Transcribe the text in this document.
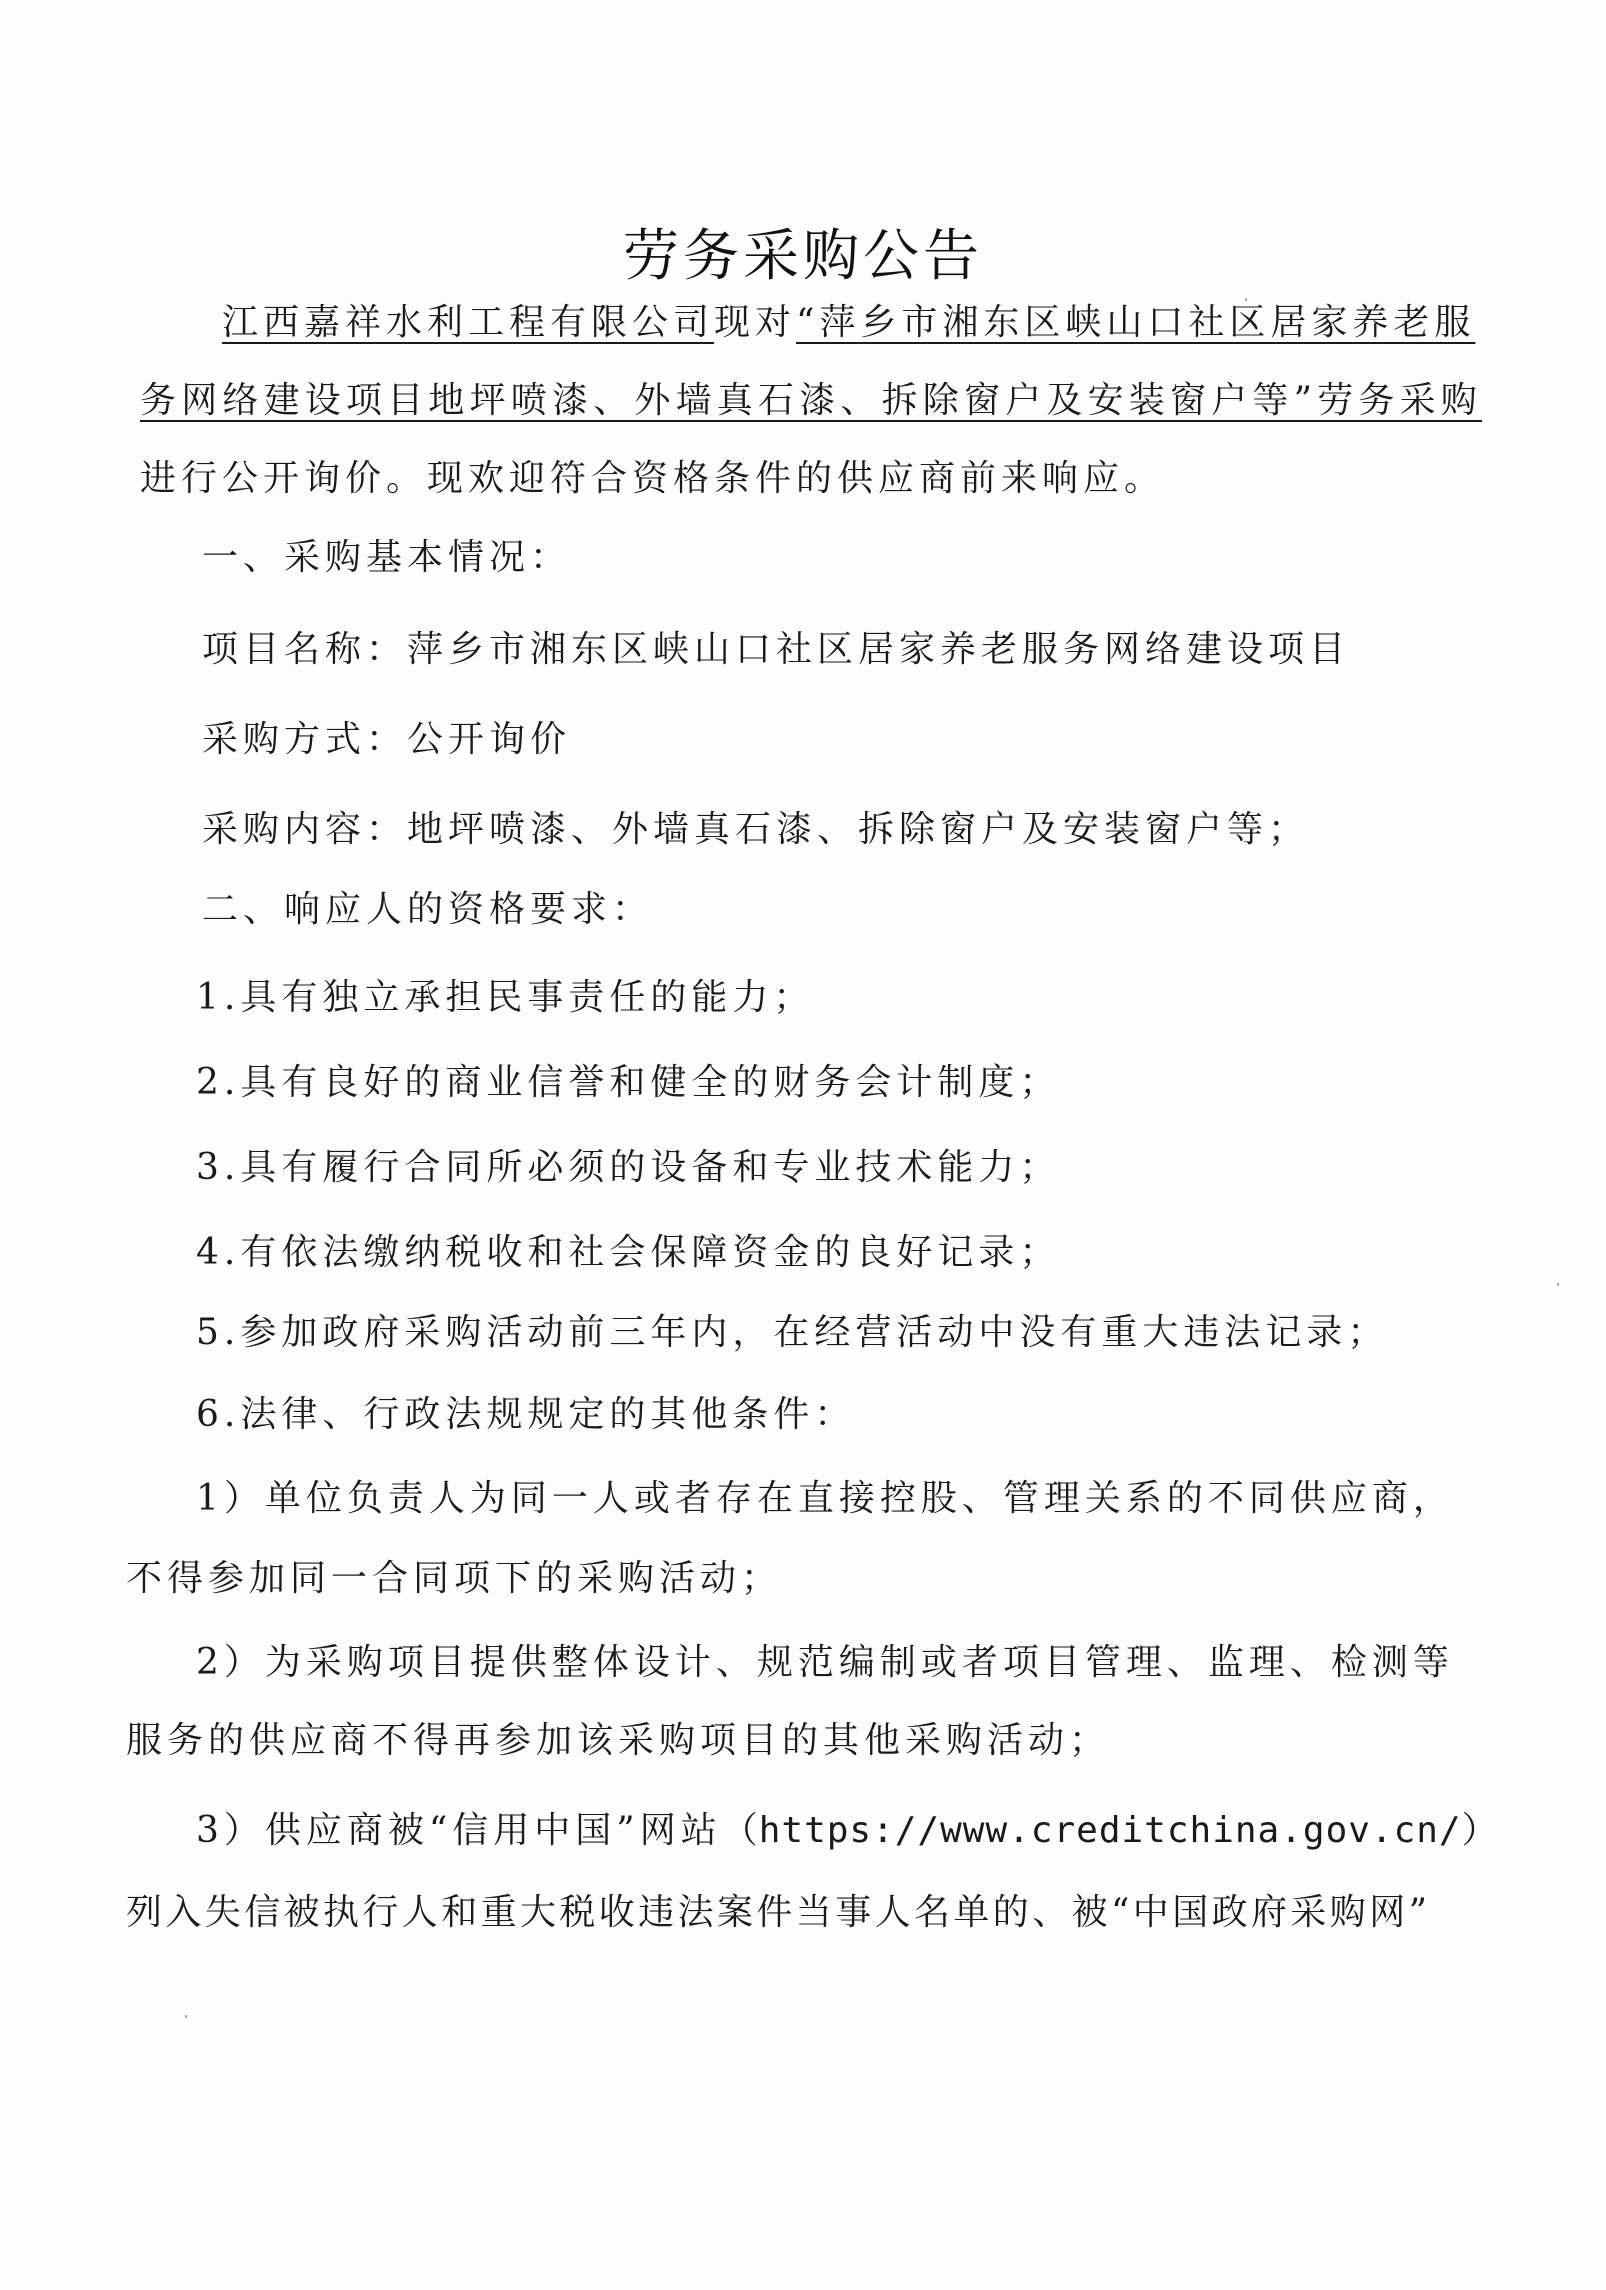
劳务采购公告
江西嘉祥水利工程有限公司现对“萍乡市湘东区峡山口社区居家养老服
务网络建设项目地坪喷漆、外墙真石漆、拆除窗户及安装窗户等”劳务采购
进行公开询价。现欢迎符合资格条件的供应商前来响应。
一、采购基本情况：
项目名称：萍乡市湘东区峡山口社区居家养老服务网络建设项目
采购方式：公开询价
采购内容：地坪喷漆、外墙真石漆、拆除窗户及安装窗户等；
二、响应人的资格要求：
1.具有独立承担民事责任的能力；
2.具有良好的商业信誉和健全的财务会计制度；
3.具有履行合同所必须的设备和专业技术能力；
4.有依法缴纳税收和社会保障资金的良好记录；
5.参加政府采购活动前三年内，在经营活动中没有重大违法记录；
6.法律、行政法规规定的其他条件：
1）单位负责人为同一人或者存在直接控股、管理关系的不同供应商，
不得参加同一合同项下的采购活动；
2）为采购项目提供整体设计、规范编制或者项目管理、监理、检测等
服务的供应商不得再参加该采购项目的其他采购活动；
3）供应商被“信用中国”网站（https://www.creditchina.gov.cn/）
列入失信被执行人和重大税收违法案件当事人名单的、被“中国政府采购网”
